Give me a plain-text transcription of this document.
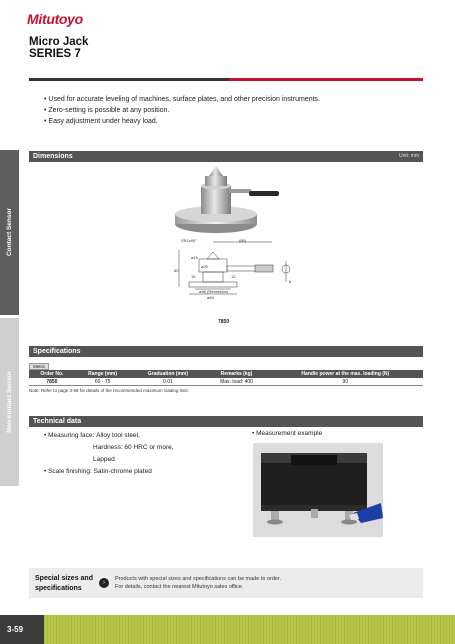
Mitutoyo
Micro Jack
SERIES 7
• Used for accurate leveling of machines, surface plates, and other precision instruments.
• Zero-setting is possible at any position.
• Easy adjustment under heavy load.
Contact Sensor
Non-contact Sensor
Dimensions	Unit: mm
SR1x90°	(85)
ø15
ø20
60
15	12
8
ø46 (Recession)
ø64
7850
Specifications
Metric
Order No.	Range (mm)	Graduation (mm)	Remarks (kg)	Handle power at the max. loading (N)
7850	60 - 75	0.01	Max. load: 400	90
Note: Refer to page 3-68 for details of the recommended maximum loading limit.
Technical data
• Measuring face:
Alloy tool steel,
Hardness: 60 HRC or more,
Lapped
• Scale finishing:
Satin-chrome plated
• Measurement example
Special sizes and
specifications
›
Products with special sizes and specifications can be made to order.
For details, contact the nearest Mitutoyo sales office.
3-59
